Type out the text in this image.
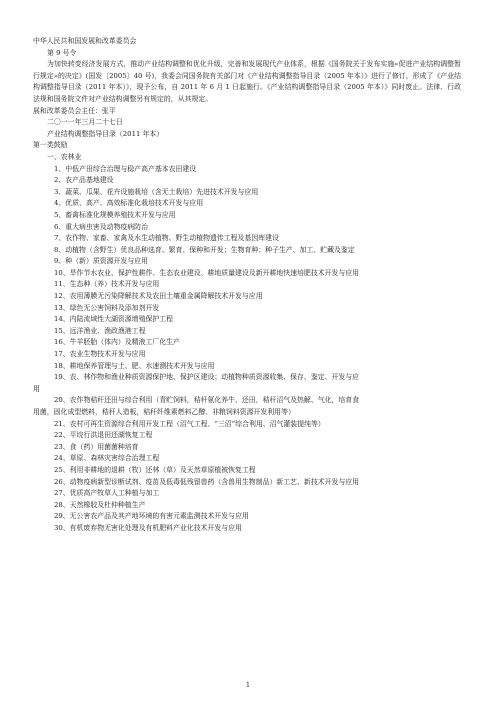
中华人民共和国发展和改革委员会
第 9 号令
为加快转变经济发展方式，推动产业结构调整和优化升级，完善和发展现代产业体系，根据《国务院关于发布实施«促进产业结构调整暂行规定»的决定》(国发〔2005〕40 号)，我委会同国务院有关部门对《产业结构调整指导目录（2005 年本）》进行了修订，形成了《产业结构调整指导目录（2011 年本）》，现予公布，自 2011 年 6 月 1 日起施行。《产业结构调整指导目录（2005 年本）》同时废止。法律、行政法规和国务院文件对产业结构调整另有规定的，从其规定。
展和改革委员会主任：张平
二〇一一年三月二十七日
产业结构调整指导目录（2011 年本）
第一类鼓励
一、农林业
1、中低产田综合治理与稳产高产基本农田建设
2、农产品基地建设
3、蔬菜、瓜果、花卉设施栽培（含无土栽培）先进技术开发与应用
4、优质、高产、高效标准化栽培技术开发与应用
5、畜禽标准化规模养殖技术开发与应用
6、重大病虫害及动物疫病防治
7、农作物、家畜、家禽及水生动植物、野生动植物遗传工程及基因库建设
8、动植物（含野生）优良品种选育、繁育、保种和开发；生物育种；种子生产、加工、贮藏及鉴定
9、种（新）质资源开发与应用
10、旱作节水农业、保护性耕作、生态农业建设、耕地质量建设及新开耕地快速培肥技术开发与应用
11、生态种（养）技术开发与应用
12、农用薄膜无污染降解技术及农田土壤重金属降解技术开发与应用
13、绿色无公害饲料及添加剂开发
14、内陆流域性大湖资源增殖保护工程
15、远洋渔业、渔政渔港工程
16、牛羊胚胎（体内）及精液工厂化生产
17、农业生物技术开发与应用
18、耕地保养管理与土、肥、水速测技术开发与应用
19、农、林作物和渔业种质资源保护地、保护区建设；动植物种质资源收集、保存、鉴定、开发与应
用
20、农作物秸秆还田与综合利用（青贮饲料，秸秆氨化养牛、还田，秸秆沼气及热解、气化，培育食
用菌，固化成型燃料，秸秆人造板，秸秆纤维素燃料乙醇、非粮饲料资源开发利用等）
21、农村可再生资源综合利用开发工程（沼气工程、“三沼”综合利用、沼气灌装提纯等）
22、平垸行洪退田还湖恢复工程
23、食（药）用菌菌种培育
24、草原、森林灾害综合治理工程
25、利用非耕地的退耕（牧）还林（草）及天然草原植被恢复工程
26、动物疫病新型诊断试剂、疫苗及低毒低残留兽药（含兽用生物制品）新工艺、新技术开发与应用
27、优质高产牧草人工种植与加工
28、天然橡胶及杜仲种植生产
29、无公害农产品及其产地环境的有害元素监测技术开发与应用
30、有机废弃物无害化处理及有机肥料产业化技术开发与应用
1
